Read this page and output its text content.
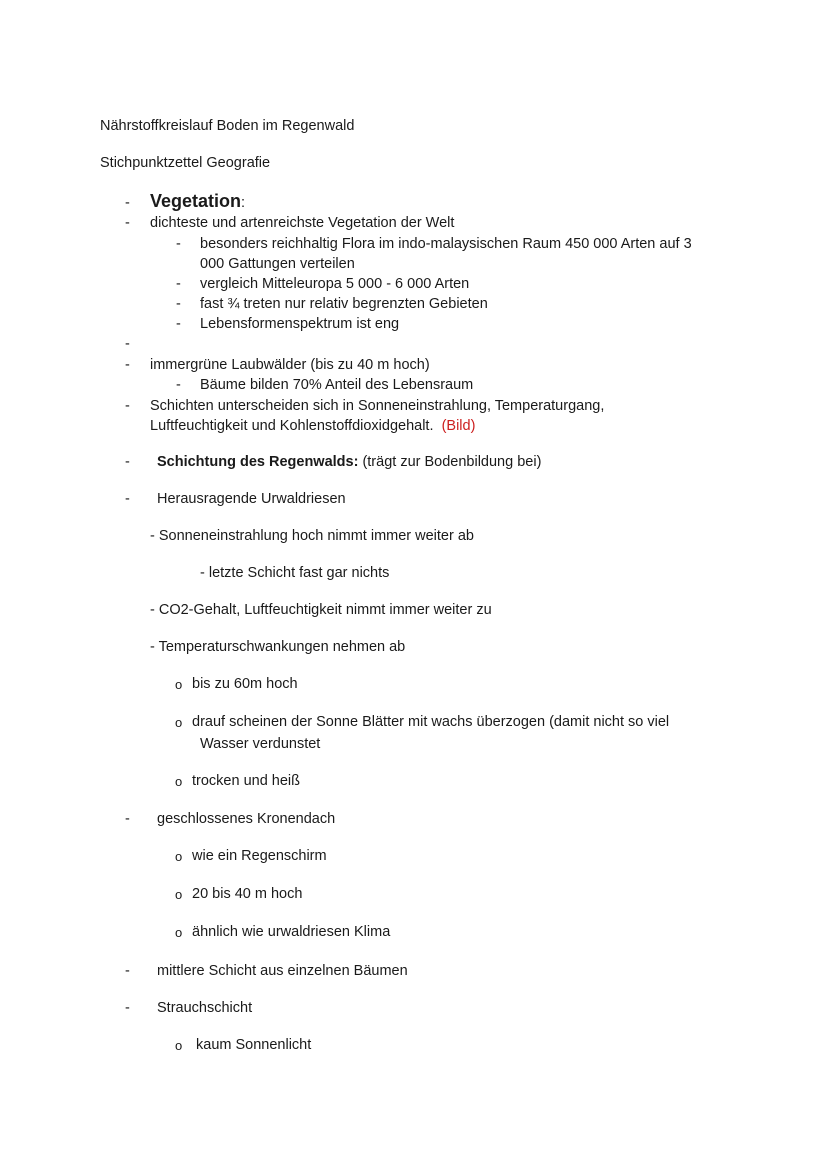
Nährstoffkreislauf Boden im Regenwald
Stichpunktzettel Geografie
- Vegetation:
- dichteste und artenreichste Vegetation der Welt
- besonders reichhaltig Flora im indo-malaysischen Raum 450 000 Arten auf 3
000 Gattungen verteilen
- vergleich Mitteleuropa 5 000 - 6 000 Arten
- fast ¾ treten nur relativ begrenzten Gebieten
- Lebensformenspektrum ist eng
-
- immergrüne Laubwälder (bis zu 40 m hoch)
- Bäume bilden 70% Anteil des Lebensraum
- Schichten unterscheiden sich in Sonneneinstrahlung, Temperaturgang,
Luftfeuchtigkeit und Kohlenstoffdioxidgehalt. (Bild)
- Schichtung des Regenwalds: (trägt zur Bodenbildung bei)
- Herausragende Urwaldriesen
- Sonneneinstrahlung hoch nimmt immer weiter ab
- letzte Schicht fast gar nichts
- CO2-Gehalt, Luftfeuchtigkeit nimmt immer weiter zu
- Temperaturschwankungen nehmen ab
o bis zu 60m hoch
o drauf scheinen der Sonne Blätter mit wachs überzogen (damit nicht so viel
Wasser verdunstet
o trocken und heiß
- geschlossenes Kronendach
o wie ein Regenschirm
o 20 bis 40 m hoch
o ähnlich wie urwaldriesen Klima
- mittlere Schicht aus einzelnen Bäumen
- Strauchschicht
o kaum Sonnenlicht
